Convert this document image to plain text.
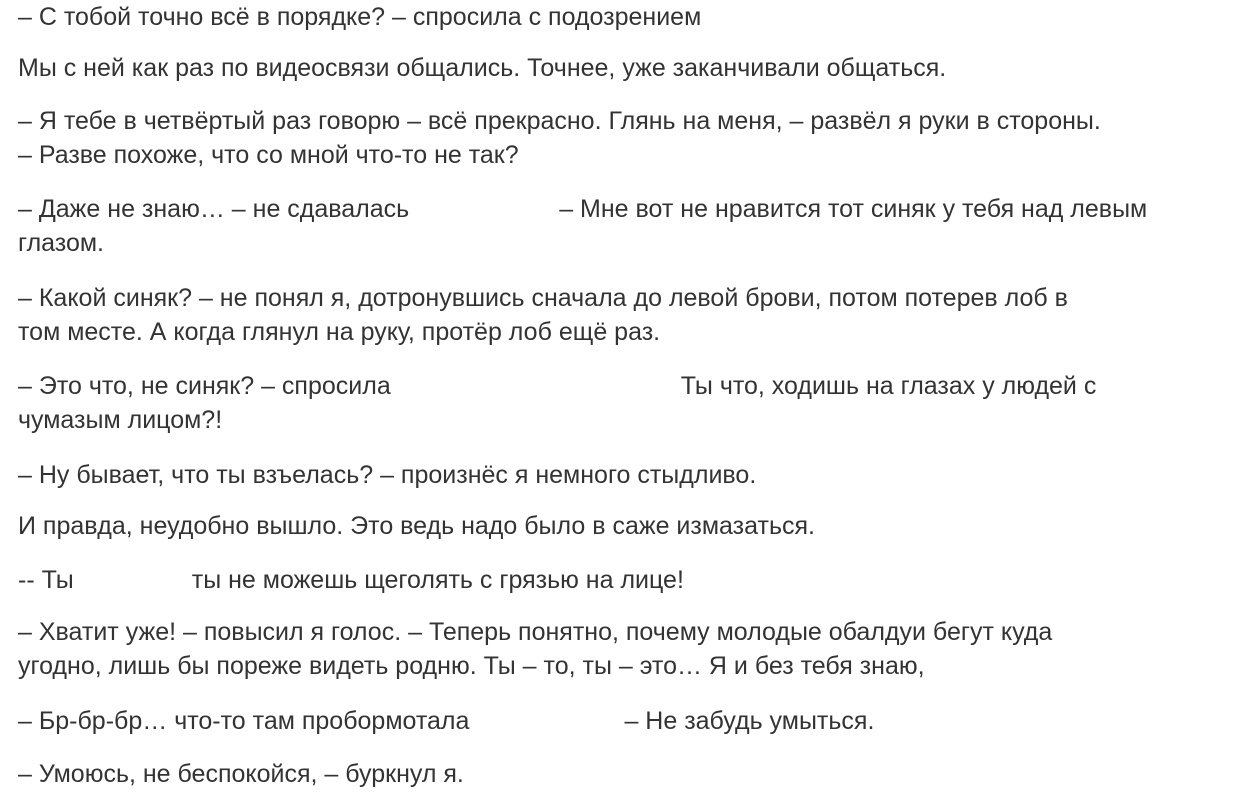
– С тобой точно всё в порядке? – спросила с подозрением

Мы с ней как раз по видеосвязи общались. Точнее, уже заканчивали общаться.

– Я тебе в четвёртый раз говорю – всё прекрасно. Глянь на меня, – развёл я руки в стороны.
– Разве похоже, что со мной что-то не так?

– Даже не знаю… – не сдавалась	– Мне вот не нравится тот синяк у тебя над левым
глазом.

– Какой синяк? – не понял я, дотронувшись сначала до левой брови, потом потерев лоб в
том месте. А когда глянул на руку, протёр лоб ещё раз.

– Это что, не синяк? – спросила	Ты что, ходишь на глазах у людей с
чумазым лицом?!

– Ну бывает, что ты взъелась? – произнёс я немного стыдливо.

И правда, неудобно вышло. Это ведь надо было в саже измазаться.

-- Ты	ты не можешь щеголять с грязью на лице!

– Хватит уже! – повысил я голос. – Теперь понятно, почему молодые обалдуи бегут куда
угодно, лишь бы пореже видеть родню. Ты – то, ты – это… Я и без тебя знаю,

– Бр-бр-бр… что-то там пробормотала	– Не забудь умыться.

– Умоюсь, не беспокойся, – буркнул я.
